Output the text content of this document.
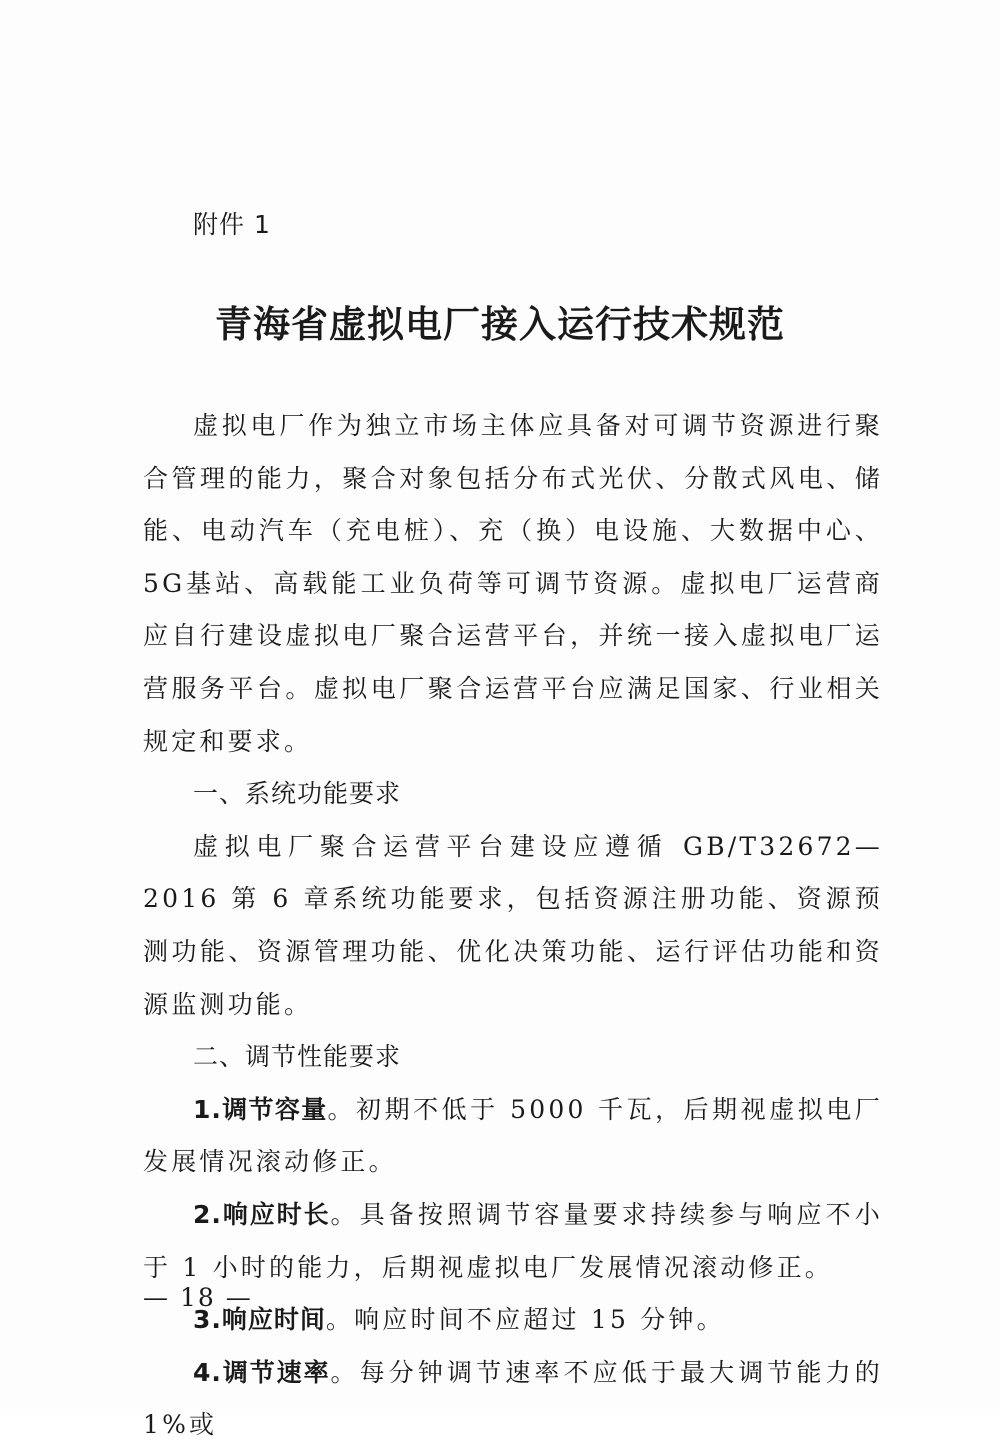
附件 1
青海省虚拟电厂接入运行技术规范

虚拟电厂作为独立市场主体应具备对可调节资源进行聚合管理的能力，聚合对象包括分布式光伏、分散式风电、储能、电动汽车（充电桩）、充（换）电设施、大数据中心、5G基站、高载能工业负荷等可调节资源。虚拟电厂运营商应自行建设虚拟电厂聚合运营平台，并统一接入虚拟电厂运营服务平台。虚拟电厂聚合运营平台应满足国家、行业相关规定和要求。

一、系统功能要求

虚拟电厂聚合运营平台建设应遵循 GB/T32672—2016 第 6 章系统功能要求，包括资源注册功能、资源预测功能、资源管理功能、优化决策功能、运行评估功能和资源监测功能。

二、调节性能要求

1.调节容量。初期不低于 5000 千瓦，后期视虚拟电厂发展情况滚动修正。

2.响应时长。具备按照调节容量要求持续参与响应不小于 1 小时的能力，后期视虚拟电厂发展情况滚动修正。

3.响应时间。响应时间不应超过 15 分钟。

4.调节速率。每分钟调节速率不应低于最大调节能力的 1%或

— 18 —
